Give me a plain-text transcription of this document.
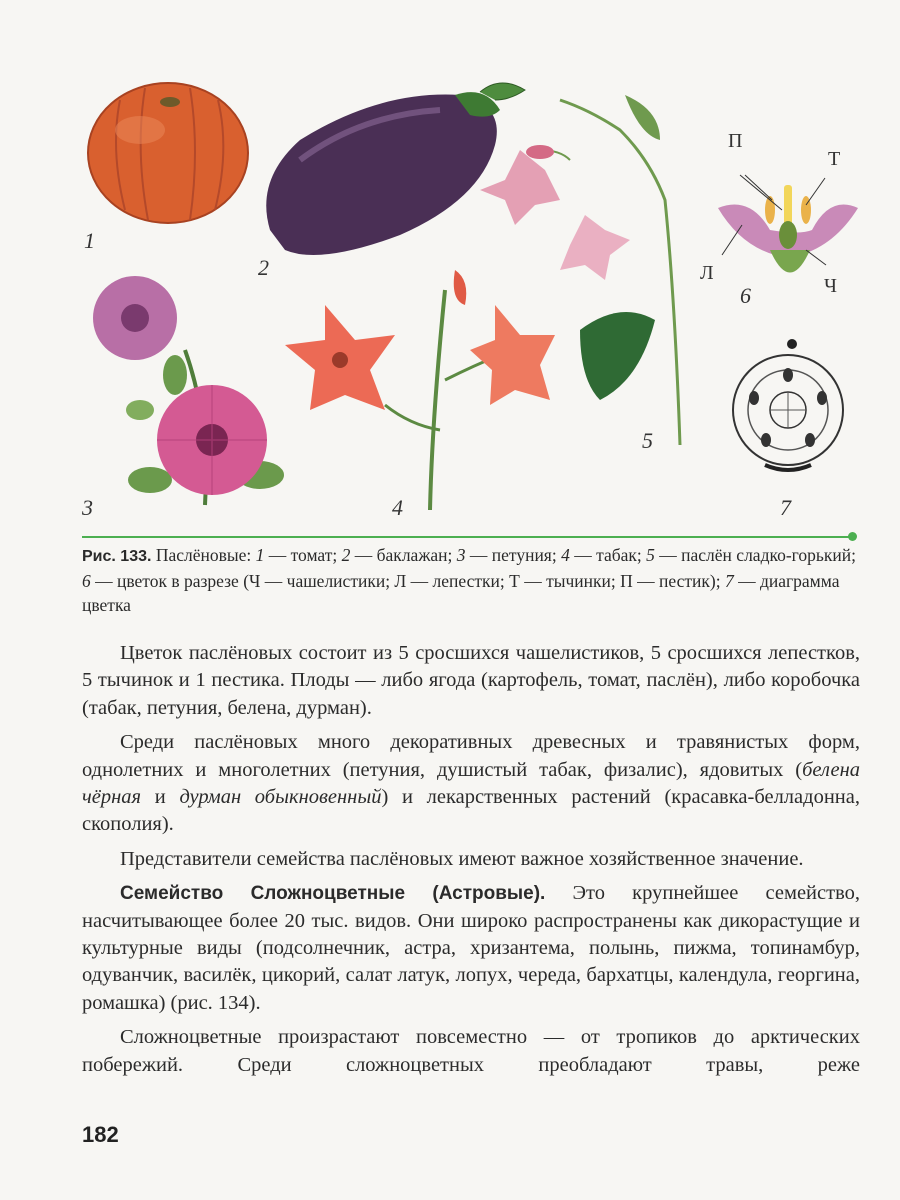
1
2
3	4
5
6
7
П
Т
Л
Ч
Рис. 133. Паслёновые: 1 — томат; 2 — баклажан; 3 — петуния; 4 — табак; 5 — паслён сладко-горький; 6 — цветок в разрезе (Ч — чашелистики; Л — лепестки; Т — тычинки; П — пестик); 7 — диаграмма цветка

Цветок паслёновых состоит из 5 сросшихся чашелистиков, 5 сросшихся лепестков, 5 тычинок и 1 пестика. Плоды — либо ягода (картофель, томат, паслён), либо коробочка (табак, петуния, белена, дурман).

Среди паслёновых много декоративных древесных и травянистых форм, однолетних и многолетних (петуния, душистый табак, физалис), ядовитых (белена чёрная и дурман обыкновенный) и лекарственных растений (красавка-белладонна, скополия).

Представители семейства паслёновых имеют важное хозяйственное значение.

Семейство Сложноцветные (Астровые). Это крупнейшее семейство, насчитывающее более 20 тыс. видов. Они широко распространены как дикорастущие и культурные виды (подсолнечник, астра, хризантема, полынь, пижма, топинамбур, одуванчик, василёк, цикорий, салат латук, лопух, череда, бархатцы, календула, георгина, ромашка) (рис. 134).

Сложноцветные произрастают повсеместно — от тропиков до арктических побережий. Среди сложноцветных преобладают травы, реже

182
